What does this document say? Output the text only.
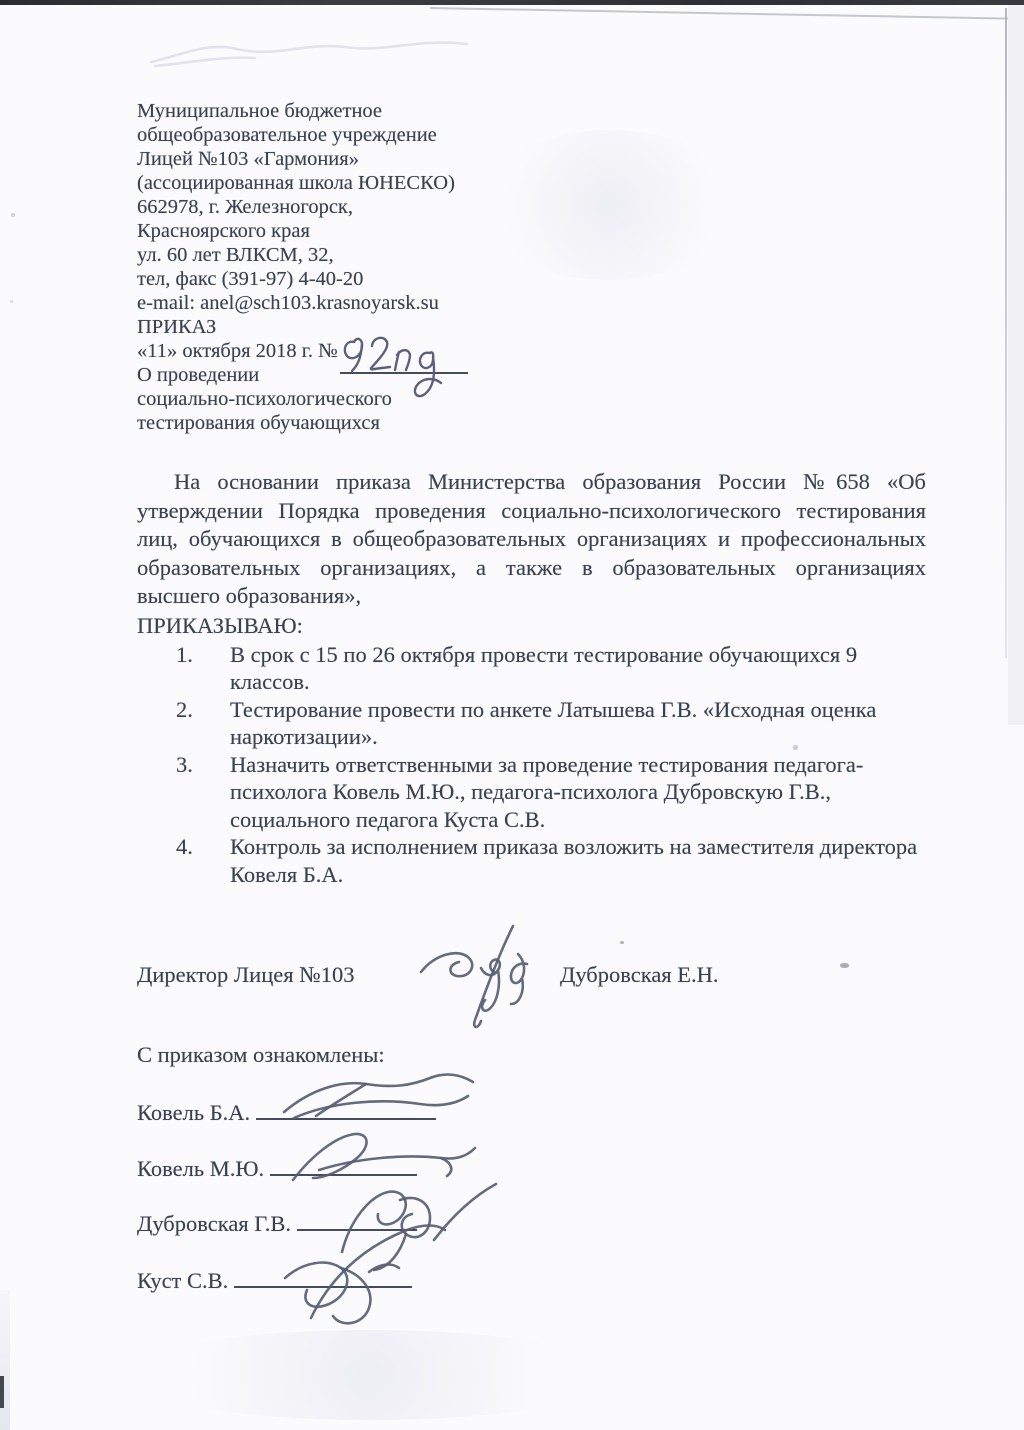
Муниципальное бюджетное
общеобразовательное учреждение
Лицей №103 «Гармония»
(ассоциированная школа ЮНЕСКО)
662978, г. Железногорск,
Красноярского края
ул. 60 лет ВЛКСМ, 32,
тел, факс (391-97) 4-40-20
e-mail: anel@sch103.krasnoyarsk.su
ПРИКАЗ
«11» октября 2018 г. №
О проведении
социально-психологического
тестирования обучающихся

На основании приказа Министерства образования России №658 «Об утверждении Порядка проведения социально-психологического тестирования лиц, обучающихся в общеобразовательных организациях и профессиональных образовательных организациях, а также в образовательных организациях высшего образования»,

ПРИКАЗЫВАЮ:
1.	В срок с 15 по 26 октября провести тестирование обучающихся 9 классов.
2.	Тестирование провести по анкете Латышева Г.В. «Исходная оценка наркотизации».
3.	Назначить ответственными за проведение тестирования педагога-психолога Ковель М.Ю., педагога-психолога Дубровскую Г.В., социального педагога Куста С.В.
4.	Контроль за исполнением приказа возложить на заместителя директора Ковеля Б.А.
Директор Лицея №103	Дубровская Е.Н.
С приказом ознакомлены:
Ковель Б.А.
Ковель М.Ю.
Дубровская Г.В.
Куст С.В.
